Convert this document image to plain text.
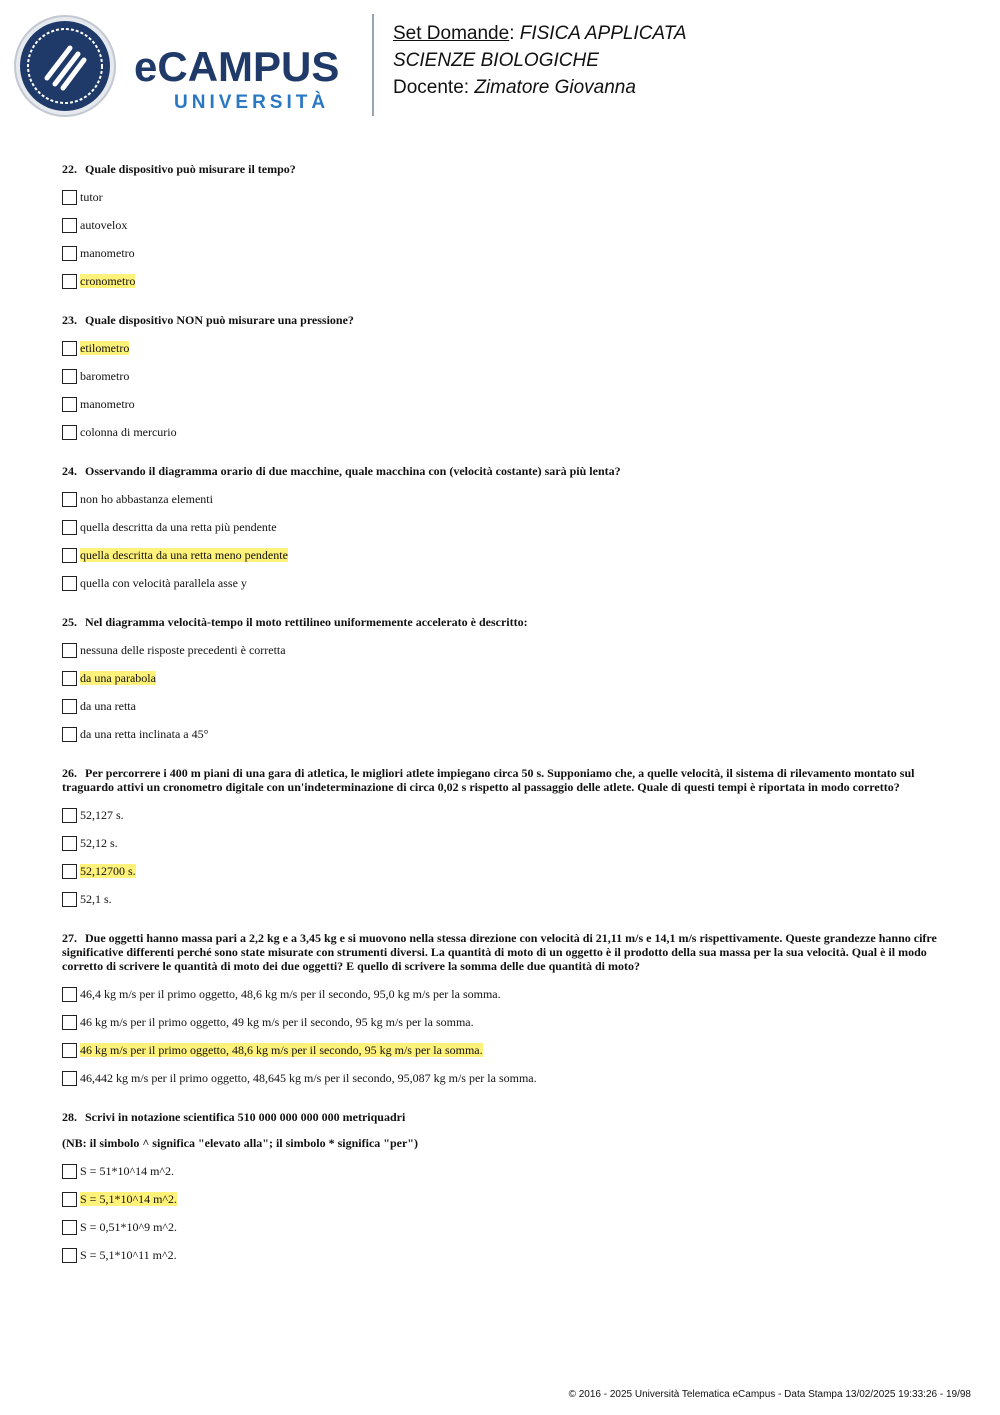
eCAMPUS
UNIVERSITÀ
Set Domande: FISICA APPLICATA
SCIENZE BIOLOGICHE
Docente: Zimatore Giovanna
22. Quale dispositivo può misurare il tempo?
tutor
autovelox
manometro
cronometro
23. Quale dispositivo NON può misurare una pressione?
etilometro
barometro
manometro
colonna di mercurio
24. Osservando il diagramma orario di due macchine, quale macchina con (velocità costante) sarà più lenta?
non ho abbastanza elementi
quella descritta da una retta più pendente
quella descritta da una retta meno pendente
quella con velocità parallela asse y
25. Nel diagramma velocità-tempo il moto rettilineo uniformemente accelerato è descritto:
nessuna delle risposte precedenti è corretta
da una parabola
da una retta
da una retta inclinata a 45°
26. Per percorrere i 400 m piani di una gara di atletica, le migliori atlete impiegano circa 50 s. Supponiamo che, a quelle velocità, il sistema di rilevamento montato sul traguardo attivi un cronometro digitale con un'indeterminazione di circa 0,02 s rispetto al passaggio delle atlete. Quale di questi tempi è riportata in modo corretto?
52,127 s.
52,12 s.
52,12700 s.
52,1 s.
27. Due oggetti hanno massa pari a 2,2 kg e a 3,45 kg e si muovono nella stessa direzione con velocità di 21,11 m/s e 14,1 m/s rispettivamente. Queste grandezze hanno cifre significative differenti perché sono state misurate con strumenti diversi. La quantità di moto di un oggetto è il prodotto della sua massa per la sua velocità. Qual è il modo corretto di scrivere le quantità di moto dei due oggetti? E quello di scrivere la somma delle due quantità di moto?
46,4 kg m/s per il primo oggetto, 48,6 kg m/s per il secondo, 95,0 kg m/s per la somma.
46 kg m/s per il primo oggetto, 49 kg m/s per il secondo, 95 kg m/s per la somma.
46 kg m/s per il primo oggetto, 48,6 kg m/s per il secondo, 95 kg m/s per la somma.
46,442 kg m/s per il primo oggetto, 48,645 kg m/s per il secondo, 95,087 kg m/s per la somma.
28. Scrivi in notazione scientifica 510 000 000 000 000 metriquadri
(NB: il simbolo ^ significa "elevato alla"; il simbolo * significa "per")
S = 51*10^14 m^2.
S = 5,1*10^14 m^2.
S = 0,51*10^9 m^2.
S = 5,1*10^11 m^2.
© 2016 - 2025 Università Telematica eCampus - Data Stampa 13/02/2025 19:33:26 - 19/98
